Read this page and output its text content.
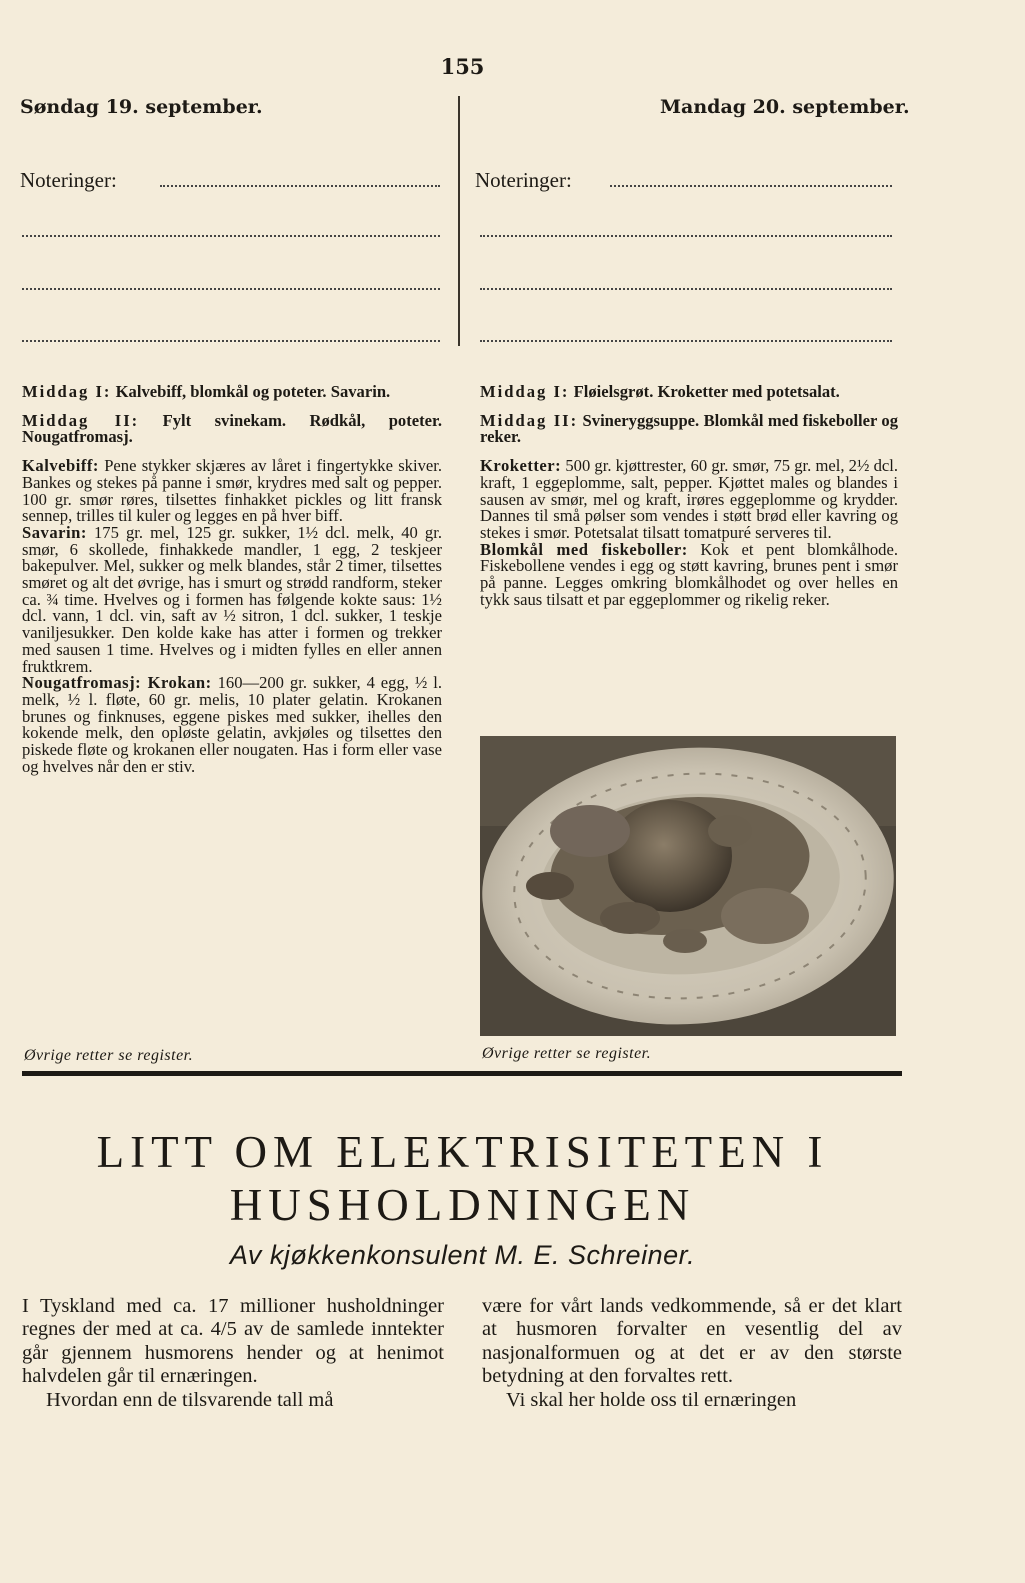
155
Søndag 19. september.	Mandag 20. september.
Noteringer:	Noteringer:

Middag I: Kalvebiff, blomkål og poteter. Savarin.

Middag II: Fylt svinekam. Rødkål, poteter. Nougatfromasj.

Kalvebiff: Pene stykker skjæres av låret i fingertykke skiver. Bankes og stekes på panne i smør, krydres med salt og pepper. 100 gr. smør røres, tilsettes finhakket pickles og litt fransk sennep, trilles til kuler og legges en på hver biff.

Savarin: 175 gr. mel, 125 gr. sukker, 1½ dcl. melk, 40 gr. smør, 6 skollede, finhakkede mandler, 1 egg, 2 teskjeer bakepulver. Mel, sukker og melk blandes, står 2 timer, tilsettes smøret og alt det øvrige, has i smurt og strødd randform, steker ca. ¾ time. Hvelves og i formen has følgende kokte saus: 1½ dcl. vann, 1 dcl. vin, saft av ½ sitron, 1 dcl. sukker, 1 teskje vaniljesukker. Den kolde kake has atter i formen og trekker med sausen 1 time. Hvelves og i midten fylles en eller annen fruktkrem.

Nougatfromasj: Krokan: 160—200 gr. sukker, 4 egg, ½ l. melk, ½ l. fløte, 60 gr. melis, 10 plater gelatin. Krokanen brunes og finknuses, eggene piskes med sukker, ihelles den kokende melk, den opløste gelatin, avkjøles og tilsettes den piskede fløte og krokanen eller nougaten. Has i form eller vase og hvelves når den er stiv.

Middag I: Fløielsgrøt. Kroketter med potetsalat.

Middag II: Svineryggsuppe. Blomkål med fiskeboller og reker.

Kroketter: 500 gr. kjøttrester, 60 gr. smør, 75 gr. mel, 2½ dcl. kraft, 1 eggeplomme, salt, pepper. Kjøttet males og blandes i sausen av smør, mel og kraft, irøres eggeplomme og krydder. Dannes til små pølser som vendes i støtt brød eller kavring og stekes i smør. Potetsalat tilsatt tomatpuré serveres til.

Blomkål med fiskeboller: Kok et pent blomkålhode. Fiskebollene vendes i egg og støtt kavring, brunes pent i smør på panne. Legges omkring blomkålhodet og over helles en tykk saus tilsatt et par eggeplommer og rikelig reker.

Øvrige retter se register.	Øvrige retter se register.
LITT OM ELEKTRISITETEN I
HUSHOLDNINGEN
Av kjøkkenkonsulent M. E. Schreiner.

I Tyskland med ca. 17 millioner husholdninger regnes der med at ca. 4/5 av de samlede inntekter går gjennem husmorens hender og at henimot halvdelen går til ernæringen.

Hvordan enn de tilsvarende tall må

være for vårt lands vedkommende, så er det klart at husmoren forvalter en vesentlig del av nasjonalformuen og at det er av den største betydning at den forvaltes rett.

Vi skal her holde oss til ernæringen
